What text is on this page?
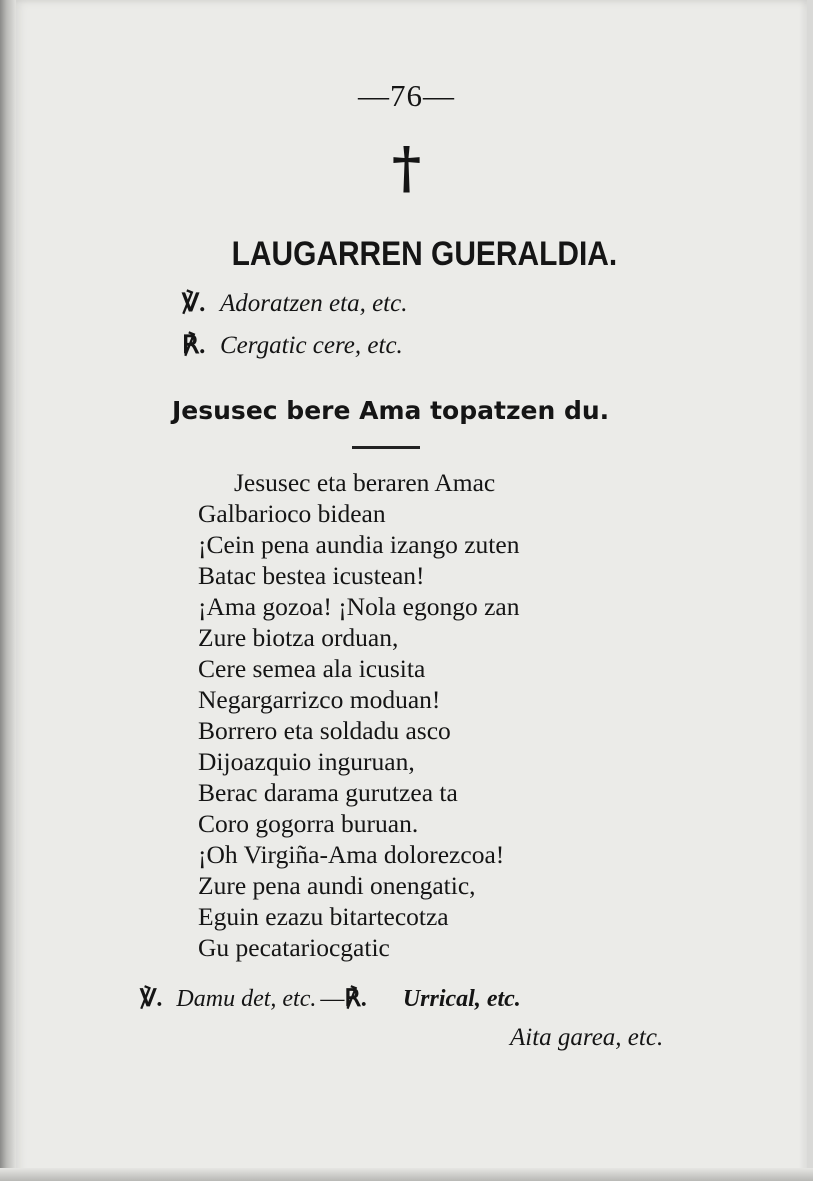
—76—
†
LAUGARREN GUERALDIA.
℣. Adoratzen eta, etc.
℟. Cergatic cere, etc.
Jesusec bere Ama topatzen du.
Jesusec eta beraren Amac
Galbarioco bidean
¡Cein pena aundia izango zuten
Batac bestea icustean!
¡Ama gozoa! ¡Nola egongo zan
Zure biotza orduan,
Cere semea ala icusita
Negargarrizco moduan!
Borrero eta soldadu asco
Dijoazquio inguruan,
Berac darama gurutzea ta
Coro gogorra buruan.
¡Oh Virgiña-Ama dolorezcoa!
Zure pena aundi onengatic,
Eguin ezazu bitartecotza
Gu pecatariocgatic
℣. Damu det, etc. —℟. Urrical, etc.
Aita garea, etc.
